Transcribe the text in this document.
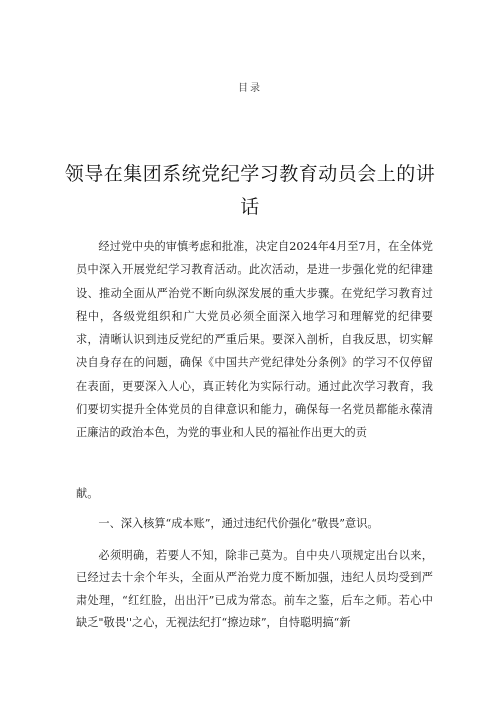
目录
领导在集团系统党纪学习教育动员会上的讲话
经过党中央的审慎考虑和批准，决定自2024年4月至7月，在全体党员中深入开展党纪学习教育活动。此次活动，是进一步强化党的纪律建设、推动全面从严治党不断向纵深发展的重大步骤。在党纪学习教育过程中，各级党组织和广大党员必须全面深入地学习和理解党的纪律要求，清晰认识到违反党纪的严重后果。要深入剖析，自我反思，切实解决自身存在的问题，确保《中国共产党纪律处分条例》的学习不仅停留在表面，更要深入人心，真正转化为实际行动。通过此次学习教育，我们要切实提升全体党员的自律意识和能力，确保每一名党员都能永葆清正廉洁的政治本色，为党的事业和人民的福祉作出更大的贡
献。
一、深入核算“成本账”，通过违纪代价强化“敬畏”意识。
必须明确，若要人不知，除非己莫为。自中央八项规定出台以来，已经过去十余个年头，全面从严治党力度不断加强，违纪人员均受到严肃处理，“红红脸，出出汗”已成为常态。前车之鉴，后车之师。若心中缺乏"敬畏''之心，无视法纪打“擦边球”，自恃聪明搞“新
